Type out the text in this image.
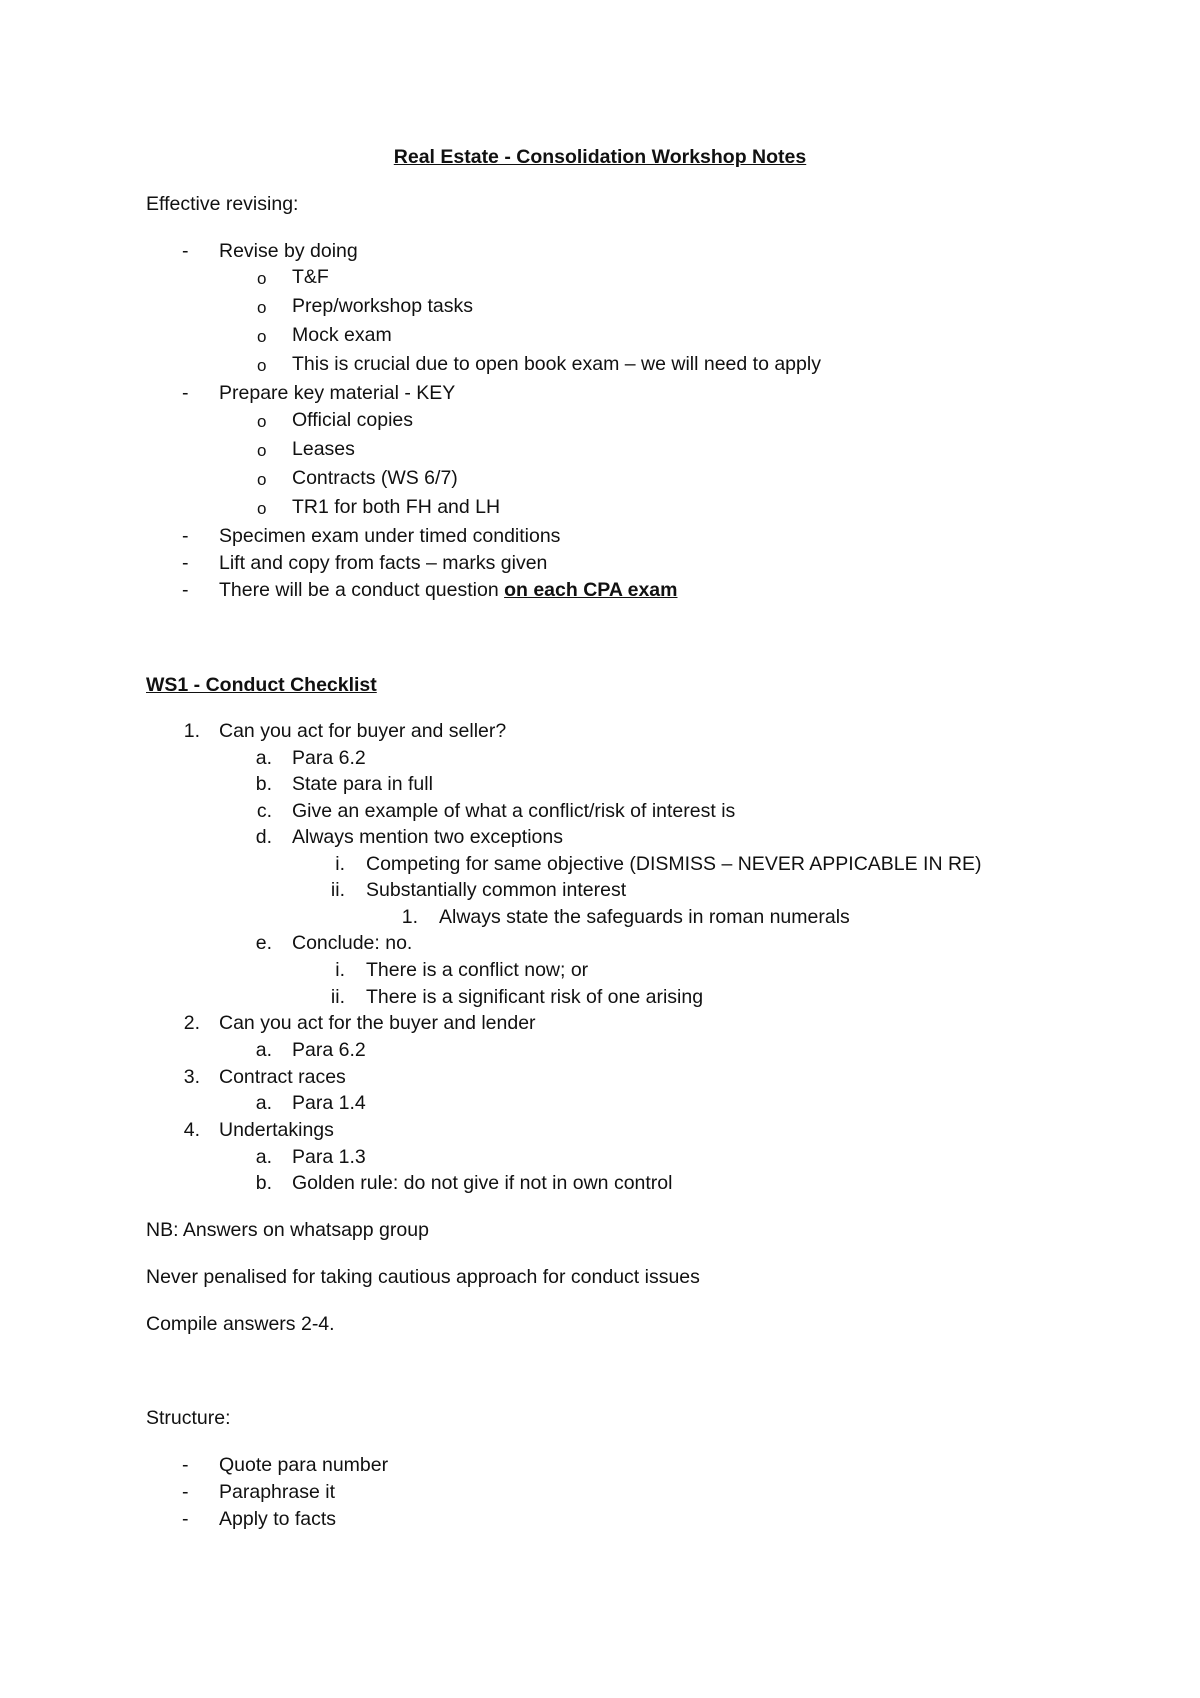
Real Estate - Consolidation Workshop Notes
Effective revising:
-	Revise by doing
o T&F
o Prep/workshop tasks
o Mock exam
o This is crucial due to open book exam – we will need to apply
-	Prepare key material - KEY
o Official copies
o Leases
o Contracts (WS 6/7)
o TR1 for both FH and LH
-	Specimen exam under timed conditions
-	Lift and copy from facts – marks given
-	There will be a conduct question on each CPA exam
WS1 - Conduct Checklist
1. Can you act for buyer and seller?
a. Para 6.2
b. State para in full
c. Give an example of what a conflict/risk of interest is
d. Always mention two exceptions
i. Competing for same objective (DISMISS – NEVER APPICABLE IN RE)
ii. Substantially common interest
1. Always state the safeguards in roman numerals
e. Conclude: no.
i. There is a conflict now; or
ii. There is a significant risk of one arising
2. Can you act for the buyer and lender
a. Para 6.2
3. Contract races
a. Para 1.4
4. Undertakings
a. Para 1.3
b. Golden rule: do not give if not in own control
NB: Answers on whatsapp group
Never penalised for taking cautious approach for conduct issues
Compile answers 2-4.
Structure:
-	Quote para number
-	Paraphrase it
-	Apply to facts
